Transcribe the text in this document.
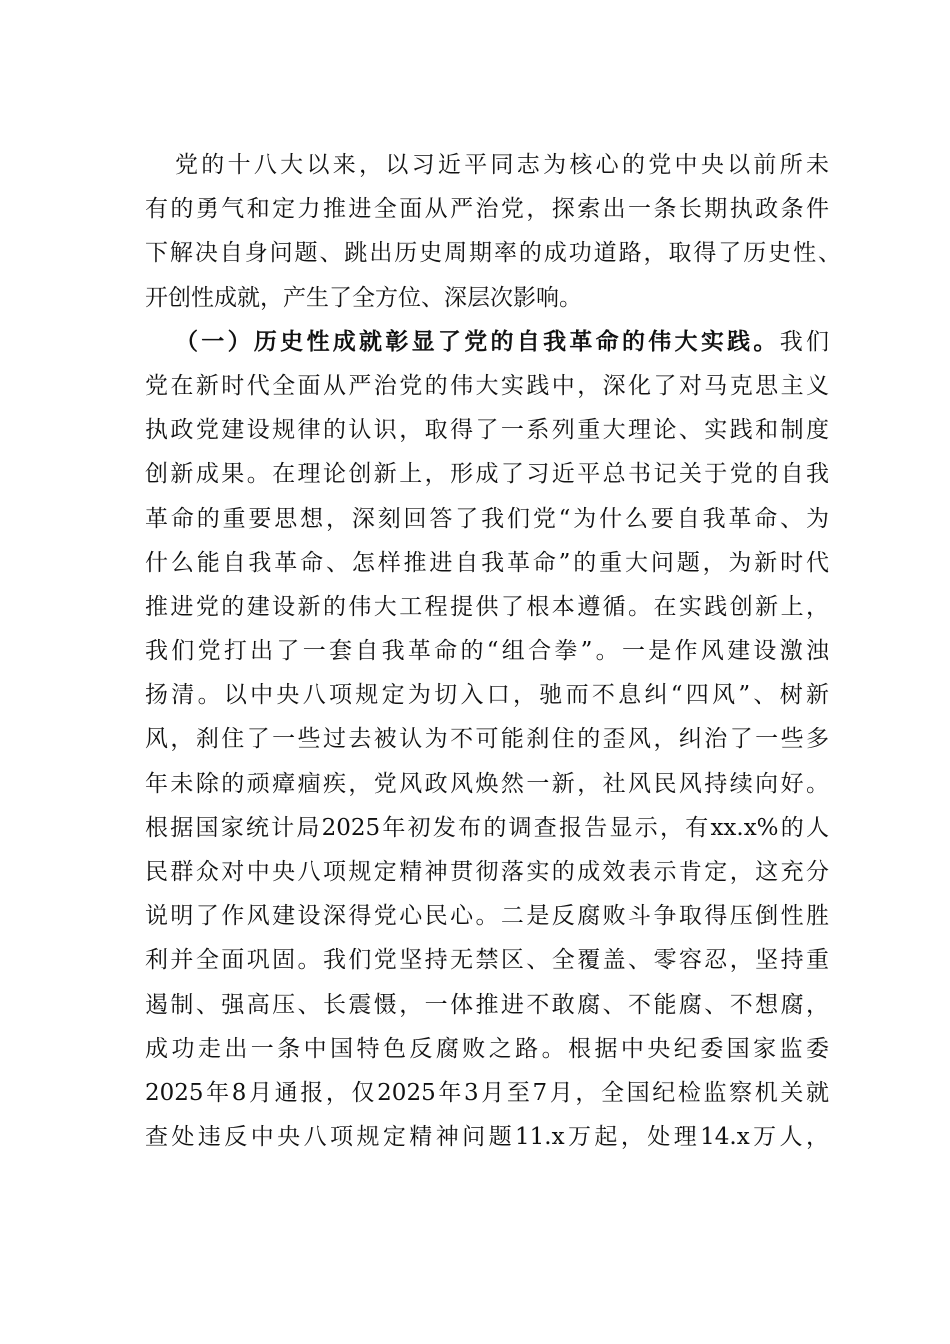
党的十八大以来，以习近平同志为核心的党中央以前所未
有的勇气和定力推进全面从严治党，探索出一条长期执政条件
下解决自身问题、跳出历史周期率的成功道路，取得了历史性、
开创性成就，产生了全方位、深层次影响。
（一）历史性成就彰显了党的自我革命的伟大实践。我们
党在新时代全面从严治党的伟大实践中，深化了对马克思主义
执政党建设规律的认识，取得了一系列重大理论、实践和制度
创新成果。在理论创新上，形成了习近平总书记关于党的自我
革命的重要思想，深刻回答了我们党“为什么要自我革命、为
什么能自我革命、怎样推进自我革命”的重大问题，为新时代
推进党的建设新的伟大工程提供了根本遵循。在实践创新上，
我们党打出了一套自我革命的“组合拳”。一是作风建设激浊
扬清。以中央八项规定为切入口，驰而不息纠“四风”、树新
风，刹住了一些过去被认为不可能刹住的歪风，纠治了一些多
年未除的顽瘴痼疾，党风政风焕然一新，社风民风持续向好。
根据国家统计局2025年初发布的调查报告显示，有xx.x%的人
民群众对中央八项规定精神贯彻落实的成效表示肯定，这充分
说明了作风建设深得党心民心。二是反腐败斗争取得压倒性胜
利并全面巩固。我们党坚持无禁区、全覆盖、零容忍，坚持重
遏制、强高压、长震慑，一体推进不敢腐、不能腐、不想腐，
成功走出一条中国特色反腐败之路。根据中央纪委国家监委
2025年8月通报，仅2025年3月至7月，全国纪检监察机关就
查处违反中央八项规定精神问题11.x万起，处理14.x万人，
